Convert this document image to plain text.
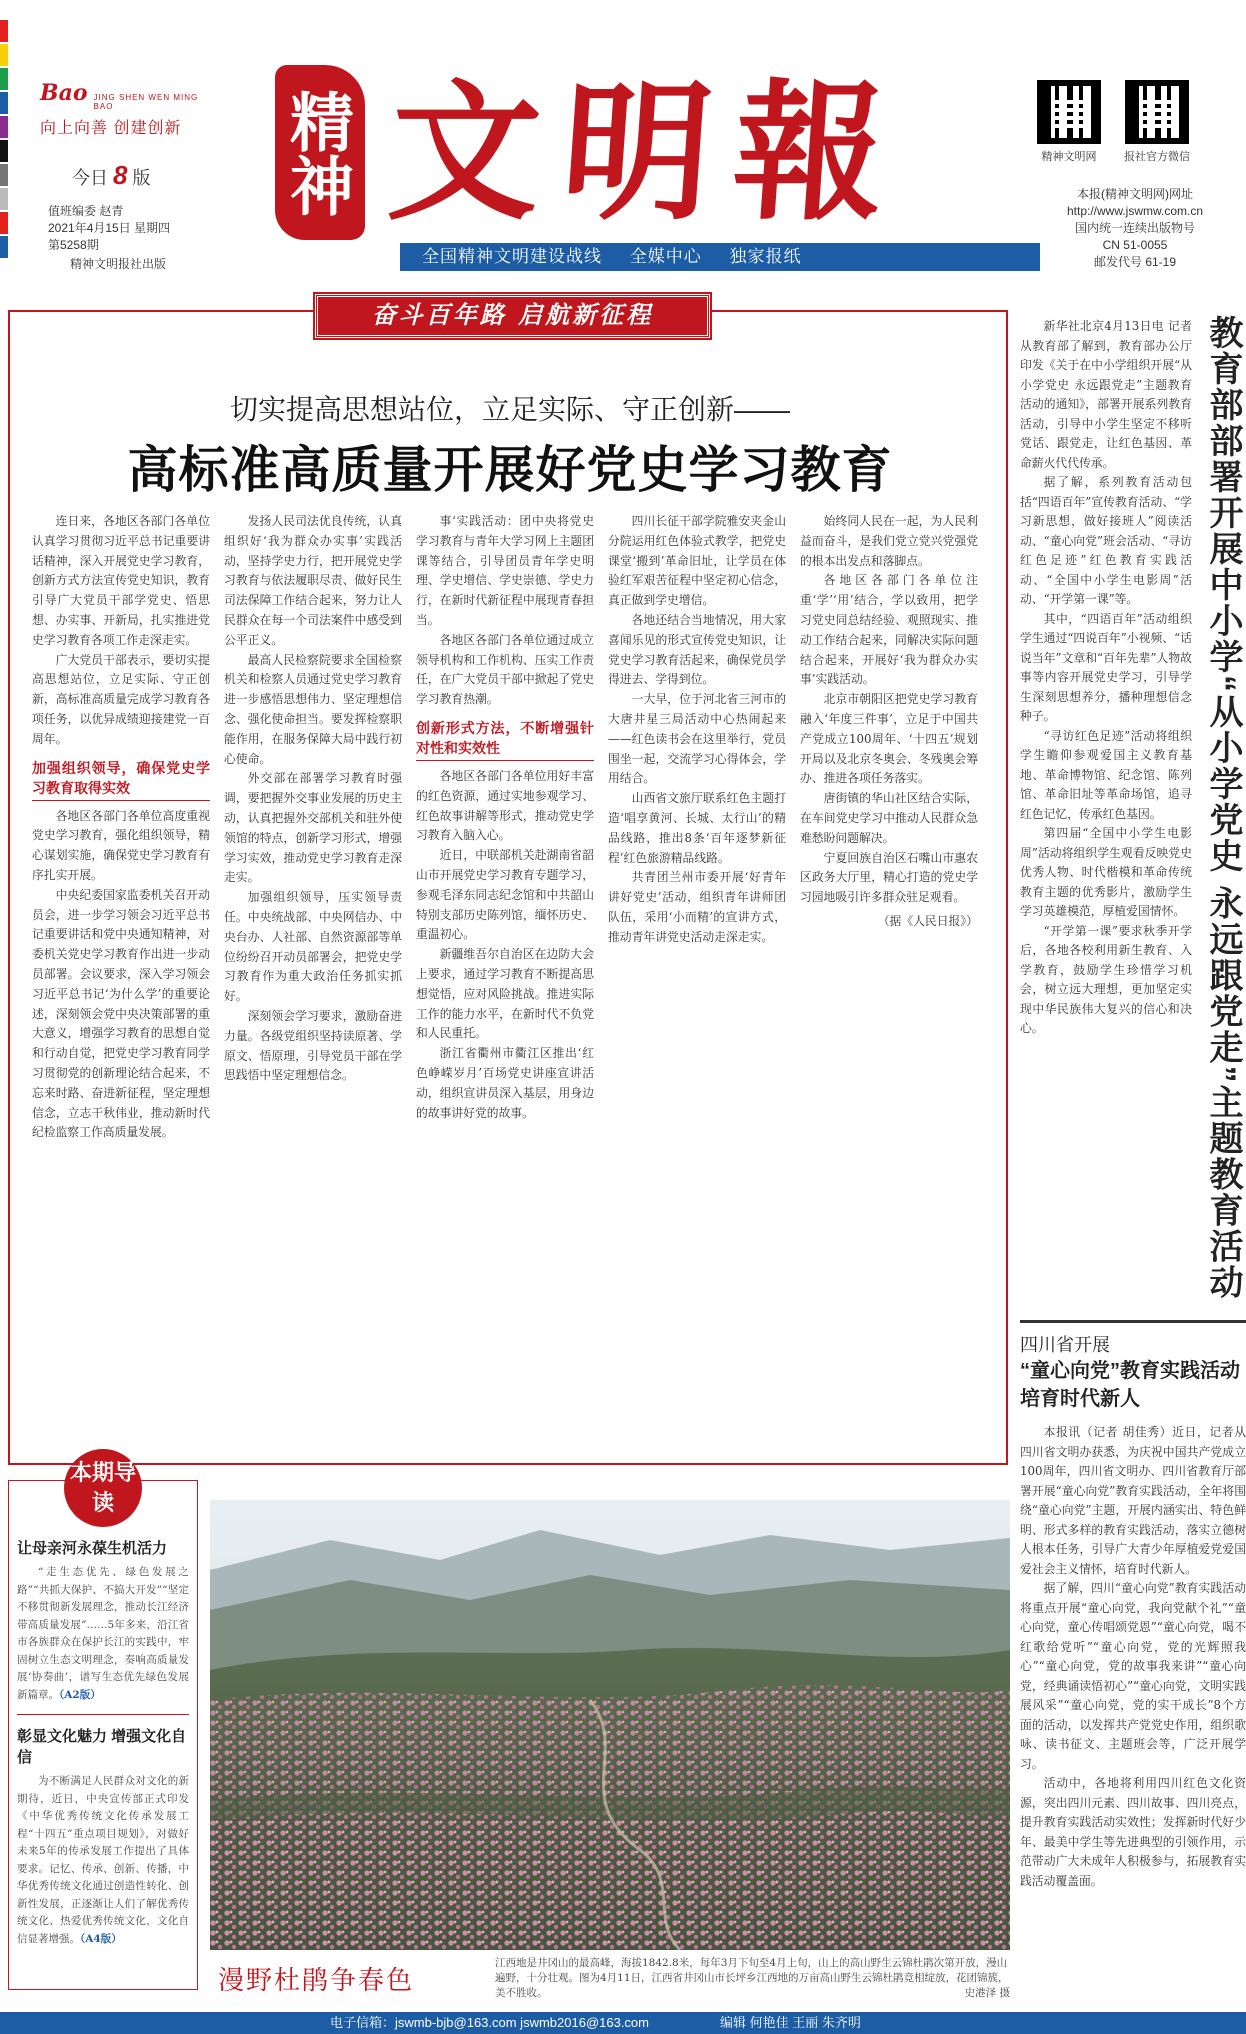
Bao JING SHEN WEN MING BAO
向上向善 创建创新
今日 8 版
值班编委 赵青
2021年4月15日 星期四
第5258期
精神文明报社出版
精神 文明報
全国精神文明建设战线 全媒中心 独家报纸
精神文明网	报社官方微信
本报(精神文明网)网址
http://www.jswmw.com.cn
国内统一连续出版物号
CN 51-0055
邮发代号 61-19
奋斗百年路 启航新征程
切实提高思想站位，立足实际、守正创新——
高标准高质量开展好党史学习教育

连日来，各地区各部门各单位认真学习贯彻习近平总书记重要讲话精神，深入开展党史学习教育，创新方式方法宣传党史知识，教育引导广大党员干部学党史、悟思想、办实事、开新局，扎实推进党史学习教育各项工作走深走实。

广大党员干部表示，要切实提高思想站位，立足实际、守正创新，高标准高质量完成学习教育各项任务，以优异成绩迎接建党一百周年。

加强组织领导，确保党史学习教育取得实效

各地区各部门各单位高度重视党史学习教育，强化组织领导，精心谋划实施，确保党史学习教育有序扎实开展。

中央纪委国家监委机关召开动员会，进一步学习领会习近平总书记重要讲话和党中央通知精神，对委机关党史学习教育作出进一步动员部署。会议要求，深入学习领会习近平总书记‘为什么学’的重要论述，深刻领会党中央决策部署的重大意义，增强学习教育的思想自觉和行动自觉，把党史学习教育同学习贯彻党的创新理论结合起来，不忘来时路、奋进新征程，坚定理想信念，立志干秋伟业，推动新时代纪检监察工作高质量发展。

发扬人民司法优良传统，认真组织好‘我为群众办实事’实践活动，坚持学史力行，把开展党史学习教育与依法履职尽责、做好民生司法保障工作结合起来，努力让人民群众在每一个司法案件中感受到公平正义。

最高人民检察院要求全国检察机关和检察人员通过党史学习教育进一步感悟思想伟力、坚定理想信念、强化使命担当。要发挥检察职能作用，在服务保障大局中践行初心使命。

外交部在部署学习教育时强调，要把握外交事业发展的历史主动，认真把握外交部机关和驻外使领馆的特点，创新学习形式，增强学习实效，推动党史学习教育走深走实。

加强组织领导，压实领导责任。中央统战部、中央网信办、中央台办、人社部、自然资源部等单位纷纷召开动员部署会，把党史学习教育作为重大政治任务抓实抓好。

深刻领会学习要求，激励奋进力量。各级党组织坚持读原著、学原文、悟原理，引导党员干部在学思践悟中坚定理想信念。

事‘实践活动：团中央将党史学习教育与青年大学习网上主题团课等结合，引导团员青年学史明理、学史增信、学史崇德、学史力行，在新时代新征程中展现青春担当。

各地区各部门各单位通过成立领导机构和工作机构、压实工作责任，在广大党员干部中掀起了党史学习教育热潮。

创新形式方法，不断增强针对性和实效性

各地区各部门各单位用好丰富的红色资源，通过实地参观学习、红色故事讲解等形式，推动党史学习教育入脑入心。

近日，中联部机关赴湖南省韶山市开展党史学习教育专题学习，参观毛泽东同志纪念馆和中共韶山特别支部历史陈列馆，缅怀历史、重温初心。

新疆维吾尔自治区在边防大会上要求，通过学习教育不断提高思想觉悟，应对风险挑战。推进实际工作的能力水平，在新时代不负党和人民重托。

浙江省衢州市衢江区推出‘红色峥嵘岁月’百场党史讲座宣讲活动，组织宣讲员深入基层，用身边的故事讲好党的故事。

四川长征干部学院雅安夹金山分院运用红色体验式教学，把党史课堂‘搬到’革命旧址，让学员在体验红军艰苦征程中坚定初心信念，真正做到学史增信。

各地还结合当地情况，用大家喜闻乐见的形式宣传党史知识，让党史学习教育活起来，确保党员学得进去、学得到位。

一大早，位于河北省三河市的大唐井星三局活动中心热闹起来——红色读书会在这里举行，党员围坐一起，交流学习心得体会，学用结合。

山西省文旅厅联系红色主题打造‘唱享黄河、长城、太行山’的精品线路，推出8条‘百年逐梦新征程’红色旅游精品线路。

共青团兰州市委开展‘好青年讲好党史’活动，组织青年讲师团队伍，采用‘小而精’的宣讲方式，推动青年讲党史活动走深走实。

始终同人民在一起，为人民利益而奋斗，是我们党立党兴党强党的根本出发点和落脚点。

各地区各部门各单位注重‘学’‘用’结合，学以致用，把学习党史同总结经验、观照现实、推动工作结合起来，同解决实际问题结合起来，开展好‘我为群众办实事’实践活动。

北京市朝阳区把党史学习教育融入‘年度三件事’，立足于中国共产党成立100周年、‘十四五’规划开局以及北京冬奥会、冬残奥会筹办、推进各项任务落实。

唐街镇的华山社区结合实际，在车间党史学习中推动人民群众急难愁盼问题解决。

宁夏回族自治区石嘴山市惠农区政务大厅里，精心打造的党史学习园地吸引许多群众驻足观看。

（据《人民日报》）

新华社北京4月13日电 记者从教育部了解到，教育部办公厅印发《关于在中小学组织开展“从小学党史 永远跟党走”主题教育活动的通知》，部署开展系列教育活动，引导中小学生坚定不移听党话、跟党走，让红色基因、革命薪火代代传承。

据了解，系列教育活动包括“四语百年”宣传教育活动、“学习新思想，做好接班人”阅读活动、“童心向党”班会活动、“寻访红色足迹”红色教育实践活动、“全国中小学生电影周”活动、“开学第一课”等。

其中，“四语百年”活动组织学生通过“四说百年”小视频、“话说当年”文章和“百年先辈”人物故事等内容开展党史学习，引导学生深刻思想养分，播种理想信念种子。

“寻访红色足迹”活动将组织学生瞻仰参观爱国主义教育基地、革命博物馆、纪念馆、陈列馆、革命旧址等革命场馆，追寻红色记忆，传承红色基因。

第四届“全国中小学生电影周”活动将组织学生观看反映党史优秀人物、时代楷模和革命传统教育主题的优秀影片，激励学生学习英雄模范，厚植爱国情怀。

“开学第一课”要求秋季开学后，各地各校利用新生教育、入学教育，鼓励学生珍惜学习机会，树立远大理想，更加坚定实现中华民族伟大复兴的信心和决心。	教育部部署开展中小学“从小学党史 永远跟党走”主题教育活动
四川省开展
“童心向党”教育实践活动培育时代新人

本报讯（记者 胡佳秀）近日，记者从四川省文明办获悉，为庆祝中国共产党成立100周年，四川省文明办、四川省教育厅部署开展“童心向党”教育实践活动，全年将围绕“童心向党”主题，开展内涵实出、特色鲜明、形式多样的教育实践活动，落实立德树人根本任务，引导广大青少年厚植爱党爱国爱社会主义情怀，培育时代新人。

据了解，四川“童心向党”教育实践活动将重点开展“童心向党，我向党献个礼”“童心向党，童心传唱颂党恩”“童心向党，喝不红歌给党听”“童心向党，党的光辉照我心”“童心向党，党的故事我来讲”“童心向党，经典诵读悟初心”“童心向党，文明实践展风采”“童心向党，党的实干成长”8个方面的活动，以发挥共产党党史作用，组织歌咏、读书征文、主题班会等，广泛开展学习。

活动中，各地将利用四川红色文化资源，突出四川元素、四川故事、四川亮点，提升教育实践活动实效性；发挥新时代好少年、最美中学生等先进典型的引领作用，示范带动广大未成年人积极参与，拓展教育实践活动覆盖面。

本期导读
让母亲河永葆生机活力
“走生态优先、绿色发展之路”“共抓大保护、不搞大开发”“坚定不移贯彻新发展理念，推动长江经济带高质量发展”……5年多来，沿江省市各族群众在保护长江的实践中，牢固树立生态文明理念，奏响高质量发展‘协奏曲’，谱写生态优先绿色发展新篇章。（A2版）
彰显文化魅力 增强文化自信
为不断满足人民群众对文化的新期待，近日，中央宣传部正式印发《中华优秀传统文化传承发展工程“十四五”重点项目规划》，对做好未来5年的传承发展工作提出了具体要求。记忆、传承、创新、传播，中华优秀传统文化通过创造性转化、创新性发展，正逐渐让人们了解优秀传统文化、热爱优秀传统文化，文化自信显著增强。（A4版）
漫野杜鹃争春色
江西地是井冈山的最高峰，海拔1842.8米，每年3月下旬至4月上旬，山上的高山野生云锦杜鹃次第开放，漫山遍野，十分壮观。图为4月11日，江西省井冈山市长坪乡江西地的万亩高山野生云锦杜鹃竞相绽放，花团锦簇，美不胜收。	史港泽 摄
电子信箱：jswmb-bjb@163.com jswmb2016@163.com	编辑 何艳佳 王丽 朱齐明
